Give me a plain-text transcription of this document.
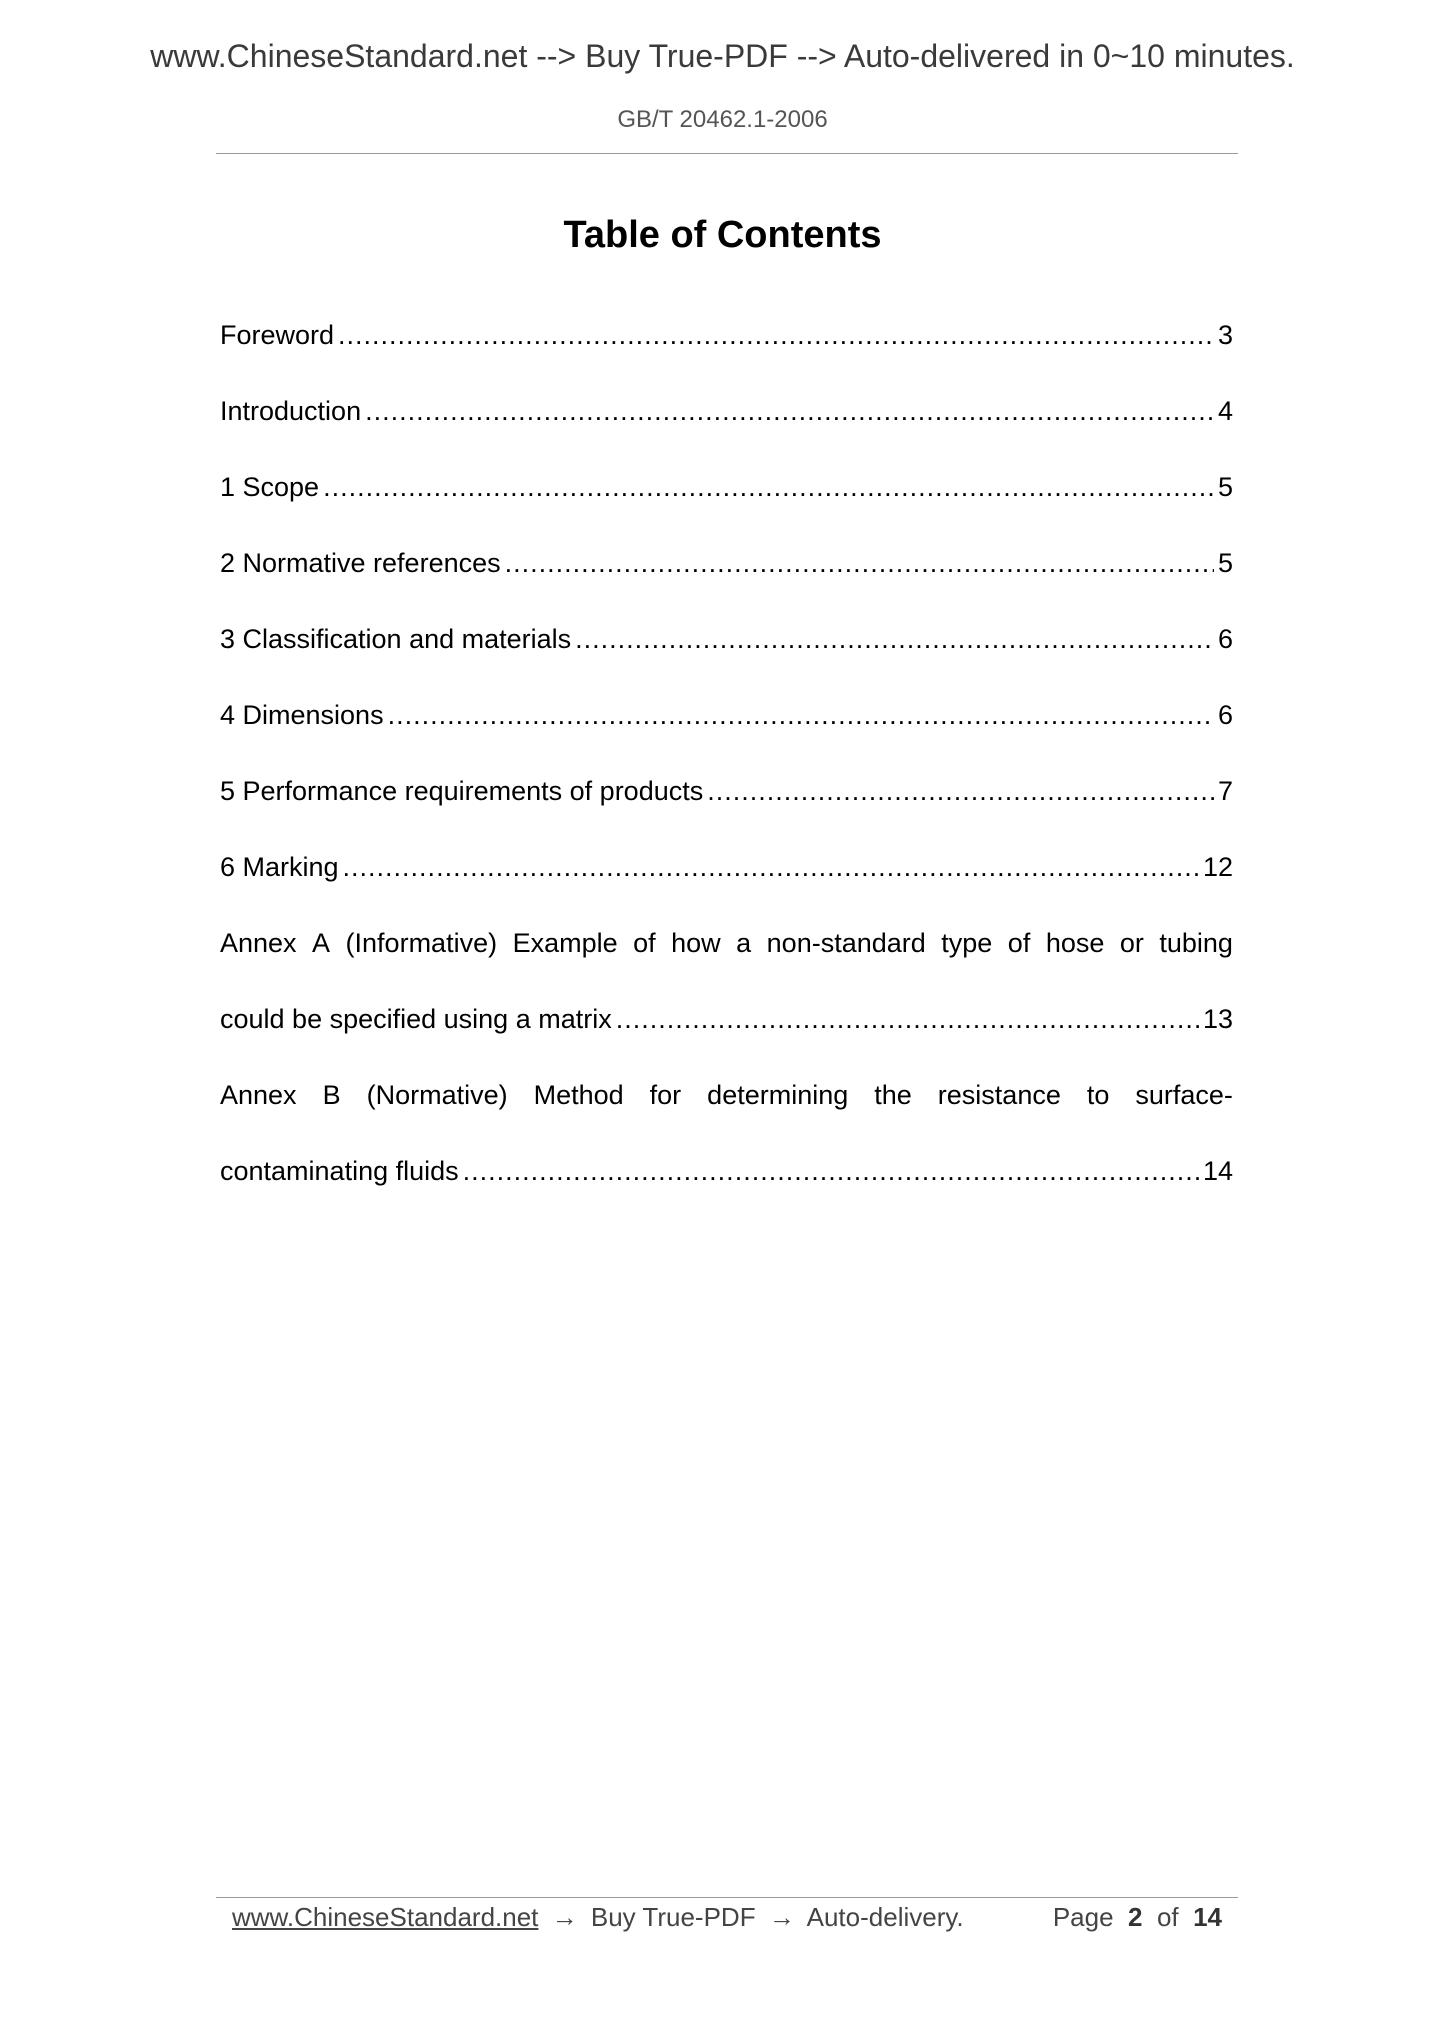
www.ChineseStandard.net --> Buy True-PDF --> Auto-delivered in 0~10 minutes.
GB/T 20462.1-2006
Table of Contents
Foreword .....	3
Introduction .....	4
1 Scope .....	5
2 Normative references .....	5
3 Classification and materials .....	6
4 Dimensions .....	6
5 Performance requirements of products .....	7
6 Marking .....	12
Annex A (Informative) Example of how a non-standard type of hose or tubing
could be specified using a matrix .....	13
Annex B (Normative) Method for determining the resistance to surface-
contaminating fluids .....	14
www.ChineseStandard.net → Buy True-PDF → Auto-delivery.	Page 2 of 14
